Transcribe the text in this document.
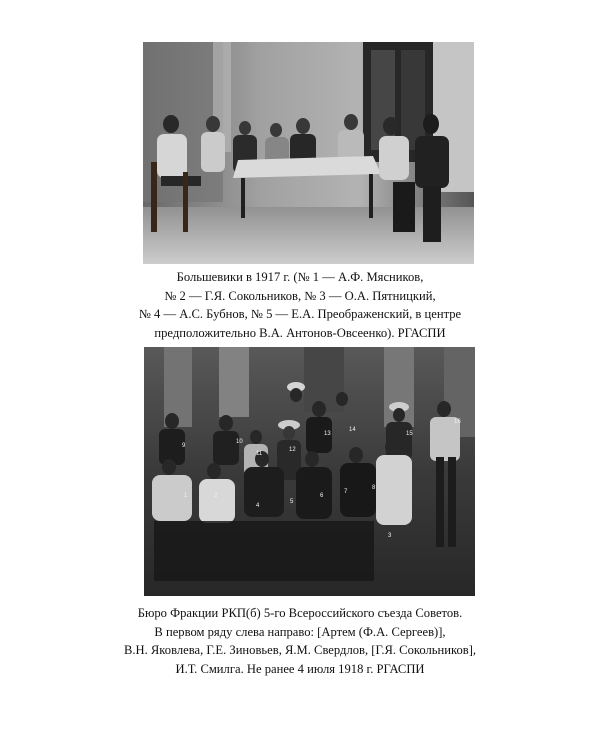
Большевики в 1917 г. (№ 1 — А.Ф. Мясников,
№ 2 — Г.Я. Сокольников, № 3 — О.А. Пятницкий,
№ 4 — А.С. Бубнов, № 5 — Е.А. Преображенский, в центре
предположительно В.А. Антонов-Овсеенко). РГАСПИ
9
10
11
12
13
14
15
16
1	2
3
4
5
6
7
8
Бюро Фракции РКП(б) 5-го Всероссийского съезда Советов.
В первом ряду слева направо: [Артем (Ф.А. Сергеев)],
В.Н. Яковлева, Г.Е. Зиновьев, Я.М. Свердлов, [Г.Я. Сокольников],
И.Т. Смилга. Не ранее 4 июля 1918 г. РГАСПИ
